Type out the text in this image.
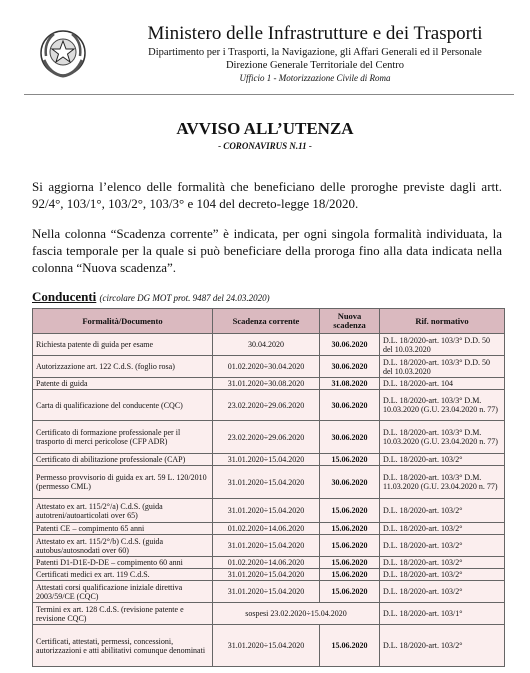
Ministero delle Infrastrutture e dei Trasporti
Dipartimento per i Trasporti, la Navigazione, gli Affari Generali ed il Personale
Direzione Generale Territoriale del Centro
Ufficio 1 - Motorizzazione Civile di Roma
AVVISO ALL’UTENZA
- CORONAVIRUS N.11 -
Si aggiorna l’elenco delle formalità che beneficiano delle proroghe previste dagli artt. 92/4°, 103/1°, 103/2°, 103/3° e 104 del decreto-legge 18/2020.
Nella colonna “Scadenza corrente” è indicata, per ogni singola formalità individuata, la fascia temporale per la quale si può beneficiare della proroga fino alla data indicata nella colonna “Nuova scadenza”.
Conducenti (circolare DG MOT prot. 9487 del 24.03.2020)
Formalità/Documento	Scadenza corrente	Nuova scadenza	Rif. normativo
Richiesta patente di guida per esame	30.04.2020	30.06.2020	D.L. 18/2020-art. 103/3° D.D. 50 del 10.03.2020
Autorizzazione art. 122 C.d.S. (foglio rosa)	01.02.2020÷30.04.2020	30.06.2020	D.L. 18/2020-art. 103/3° D.D. 50 del 10.03.2020
Patente di guida	31.01.2020÷30.08.2020	31.08.2020	D.L. 18/2020-art. 104
Carta di qualificazione del conducente (CQC)	23.02.2020÷29.06.2020	30.06.2020	D.L. 18/2020-art. 103/3° D.M. 10.03.2020 (G.U. 23.04.2020 n. 77)
Certificato di formazione professionale per il trasporto di merci pericolose (CFP ADR)	23.02.2020÷29.06.2020	30.06.2020	D.L. 18/2020-art. 103/3° D.M. 10.03.2020 (G.U. 23.04.2020 n. 77)
Certificato di abilitazione professionale (CAP)	31.01.2020÷15.04.2020	15.06.2020	D.L. 18/2020-art. 103/2°
Permesso provvisorio di guida ex art. 59 L. 120/2010 (permesso CML)	31.01.2020÷15.04.2020	30.06.2020	D.L. 18/2020-art. 103/3° D.M. 11.03.2020 (G.U. 23.04.2020 n. 77)
Attestato ex art. 115/2°/a) C.d.S. (guida autotreni/autoarticolati over 65)	31.01.2020÷15.04.2020	15.06.2020	D.L. 18/2020-art. 103/2°
Patenti CE – compimento 65 anni	01.02.2020÷14.06.2020	15.06.2020	D.L. 18/2020-art. 103/2°
Attestato ex art. 115/2°/b) C.d.S. (guida autobus/autosnodati over 60)	31.01.2020÷15.04.2020	15.06.2020	D.L. 18/2020-art. 103/2°
Patenti D1-D1E-D-DE – compimento 60 anni	01.02.2020÷14.06.2020	15.06.2020	D.L. 18/2020-art. 103/2°
Certificati medici ex art. 119 C.d.S.	31.01.2020÷15.04.2020	15.06.2020	D.L. 18/2020-art. 103/2°
Attestati corsi qualificazione iniziale direttiva 2003/59/CE (CQC)	31.01.2020÷15.04.2020	15.06.2020	D.L. 18/2020-art. 103/2°
Termini ex art. 128 C.d.S. (revisione patente e revisione CQC)	sospesi 23.02.2020÷15.04.2020		D.L. 18/2020-art. 103/1°
Certificati, attestati, permessi, concessioni, autorizzazioni e atti abilitativi comunque denominati	31.01.2020÷15.04.2020	15.06.2020	D.L. 18/2020-art. 103/2°
